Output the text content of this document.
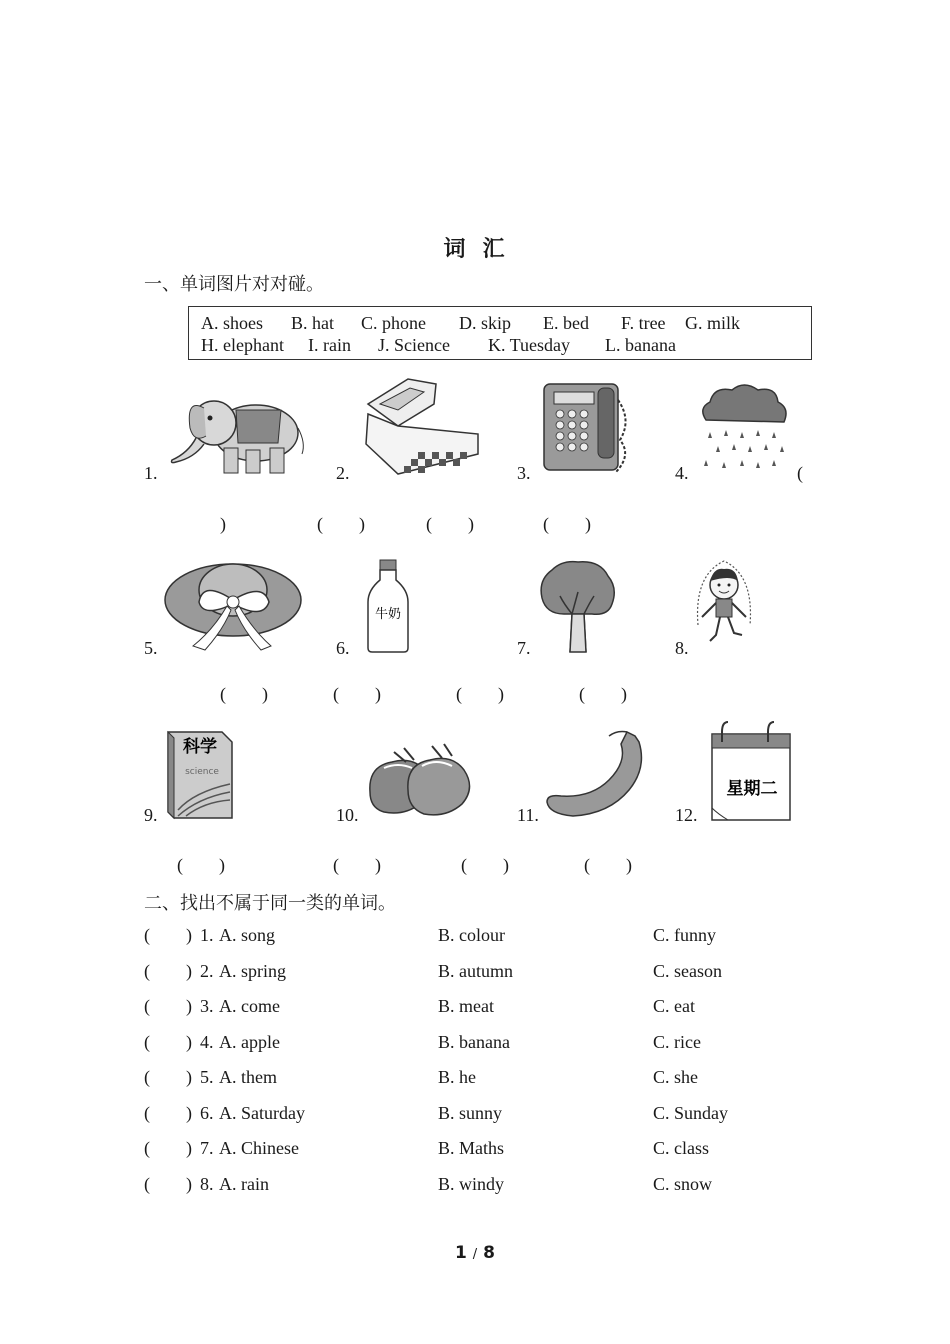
词  汇
一、单词图片对对碰。
A. shoes B. hat C. phone D. skip E. bed F. tree G. milk
H. elephant I. rain J. Science K. Tuesday L. banana
1.	2.	3.	4.	(
)	(        )	(        )	(        )
5.	6.
牛奶
7.	8.
(        )	(        )	(        )	(        )
9.
科学
science
10.	11.	12.
星期二
(        )	(        )	(        )	(        )
二、找出不属于同一类的单词。
(        ) 1. A. song	B. colour	C. funny
(        ) 2. A. spring	B. autumn	C. season
(        ) 3. A. come	B. meat	C. eat
(        ) 4. A. apple	B. banana	C. rice
(        ) 5. A. them	B. he	C. she
(        ) 6. A. Saturday	B. sunny	C. Sunday
(        ) 7. A. Chinese	B. Maths	C. class
(        ) 8. A. rain	B. windy	C. snow
1 / 8
